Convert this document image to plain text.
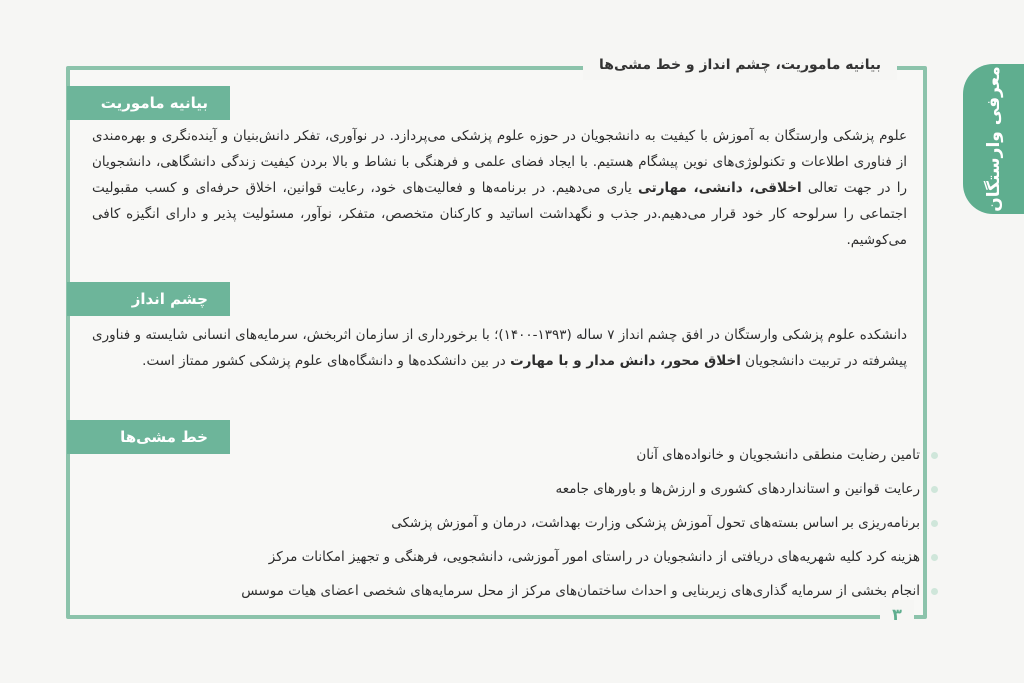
بیانیه ماموریت، چشم انداز و خط مشی‌ها
معرفی وارستگان
بیانیه ماموریت
علوم پزشکی وارستگان به آموزش با کیفیت به دانشجویان در حوزه علوم پزشکی می‌پردازد. در نوآوری، تفکر دانش‌بنیان و آینده‌نگری و بهره‌مندی از فناوری اطلاعات و تکنولوژی‌های نوین پیشگام هستیم. با ایجاد فضای علمی و فرهنگی با نشاط و بالا بردن کیفیت زندگی دانشگاهی، دانشجویان را در جهت تعالی اخلاقی، دانشی، مهارتی یاری می‌دهیم. در برنامه‌ها و فعالیت‌های خود، رعایت قوانین، اخلاق حرفه‌ای و کسب مقبولیت اجتماعی را سرلوحه کار خود قرار می‌دهیم.در جذب و نگهداشت اساتید و کارکنان متخصص، متفکر، نوآور، مسئولیت پذیر و دارای انگیزه کافی می‌کوشیم.
چشم انداز
دانشکده علوم پزشکی وارستگان در افق چشم انداز ۷ ساله (۱۳۹۳-۱۴۰۰)؛ با برخورداری از سازمان اثربخش، سرمایه‌های انسانی شایسته و فناوری پیشرفته در تربیت دانشجویان اخلاق محور، دانش مدار و با مهارت در بین دانشکده‌ها و دانشگاه‌های علوم پزشکی کشور ممتاز است.
خط مشی‌ها
تامین رضایت منطقی دانشجویان و خانواده‌های آنان
رعایت قوانین و استانداردهای کشوری و ارزش‌ها و باورهای جامعه
برنامه‌ریزی بر اساس بسته‌های تحول آموزش پزشکی وزارت بهداشت، درمان و آموزش پزشکی
هزینه کرد کلیه شهریه‌های دریافتی از دانشجویان در راستای امور آموزشی، دانشجویی، فرهنگی و تجهیز امکانات مرکز
انجام بخشی از سرمایه گذاری‌های زیربنایی و احداث ساختمان‌های مرکز از محل سرمایه‌های شخصی اعضای هیات موسس
۳
